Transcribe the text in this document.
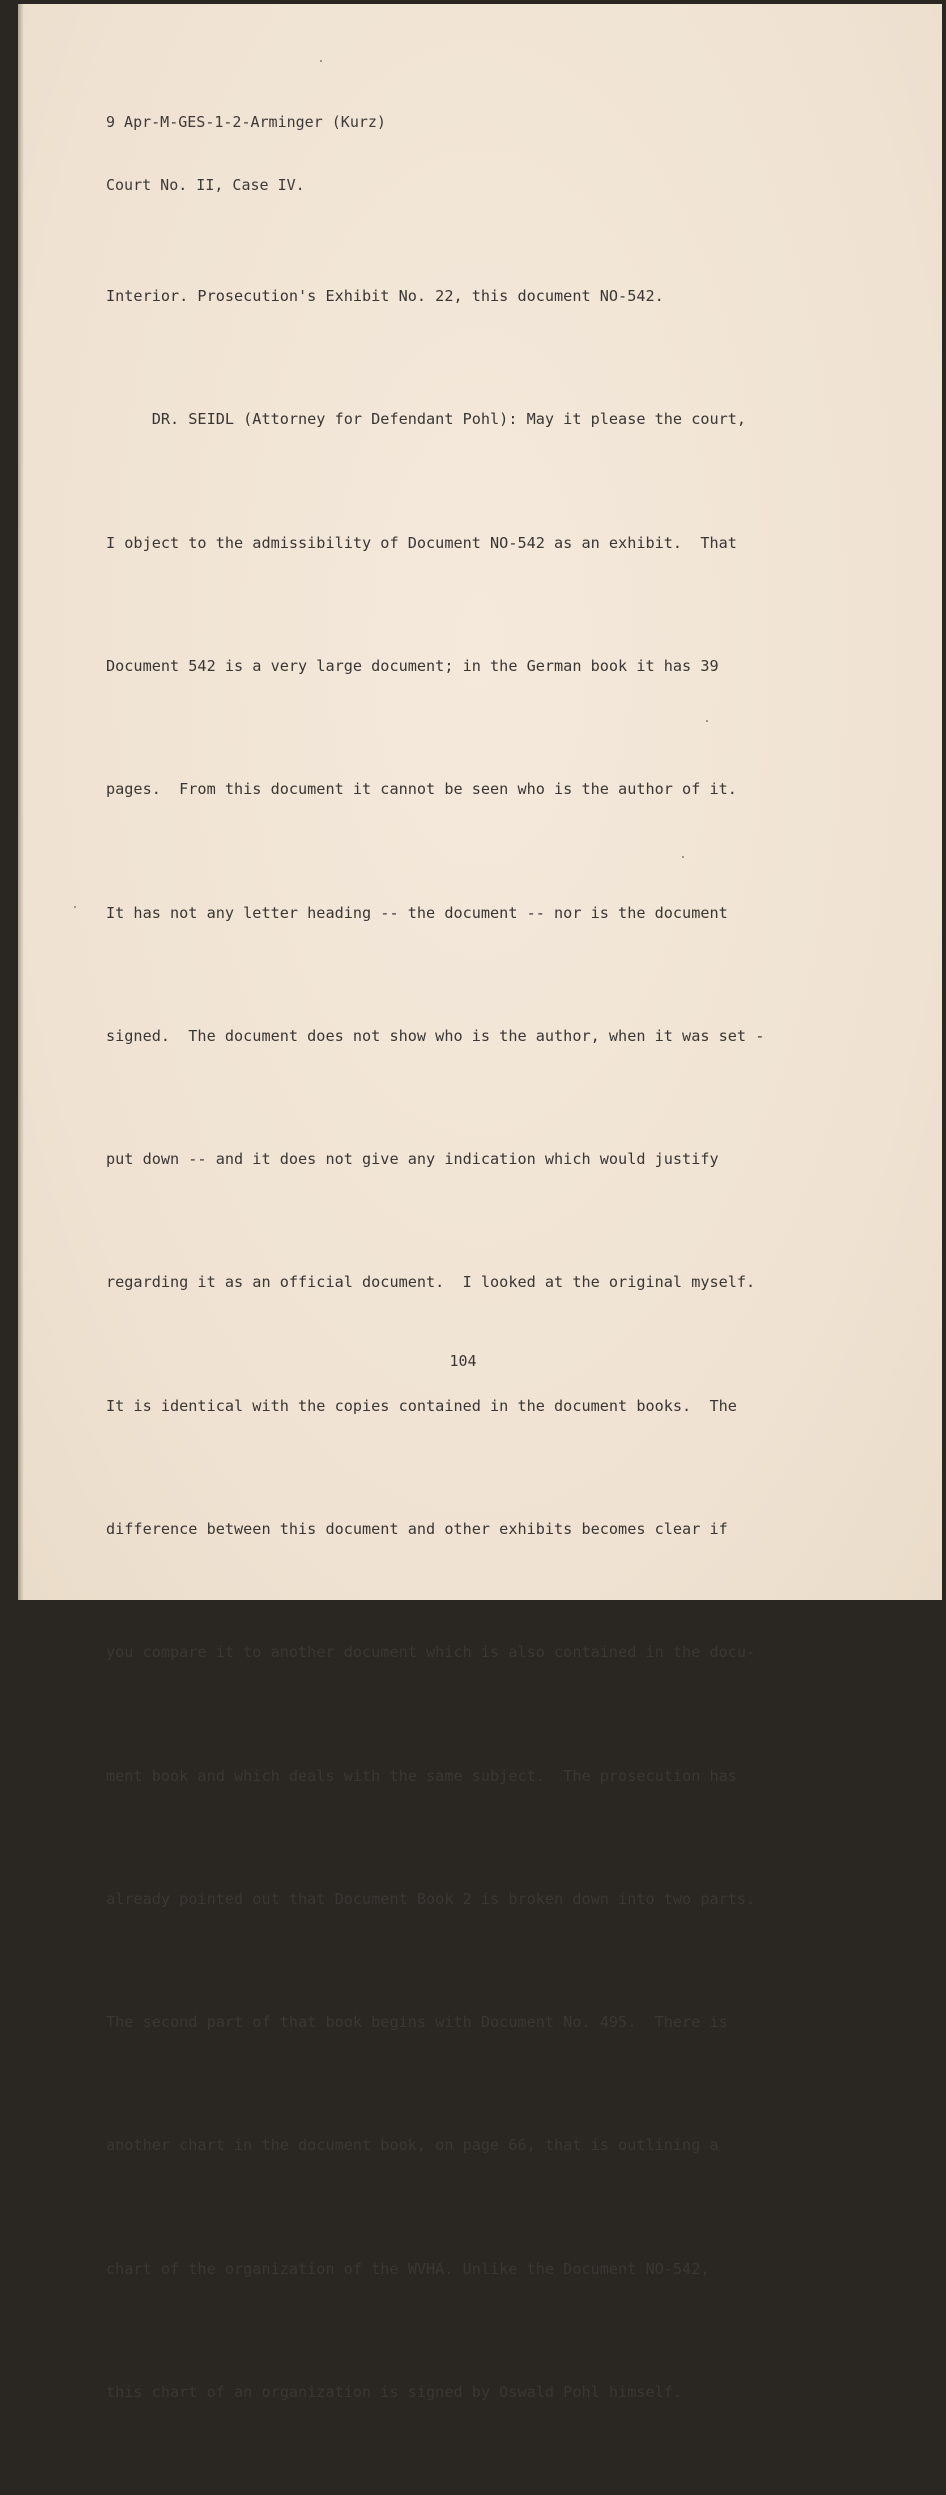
9 Apr-M-GES-1-2-Arminger (Kurz)

Court No. II, Case IV.

Interior. Prosecution's Exhibit No. 22, this document NO-542.

DR. SEIDL (Attorney for Defendant Pohl): May it please the court,

I object to the admissibility of Document NO-542 as an exhibit.  That

Document 542 is a very large document; in the German book it has 39

pages.  From this document it cannot be seen who is the author of it.

It has not any letter heading -- the document -- nor is the document

signed.  The document does not show who is the author, when it was set -

put down -- and it does not give any indication which would justify

regarding it as an official document.  I looked at the original myself.

It is identical with the copies contained in the document books.  The

difference between this document and other exhibits becomes clear if

you compare it to another document which is also contained in the docu-

ment book and which deals with the same subject.  The prosecution has

already pointed out that Document Book 2 is broken down into two parts.

The second part of that book begins with Document No. 495.  There is

another chart in the document book, on page 66, that is outlining a

chart of the organization of the WVHA. Unlike the Document NO-542,

this chart of an organization is signed by Oswald Pohl himself.

104
